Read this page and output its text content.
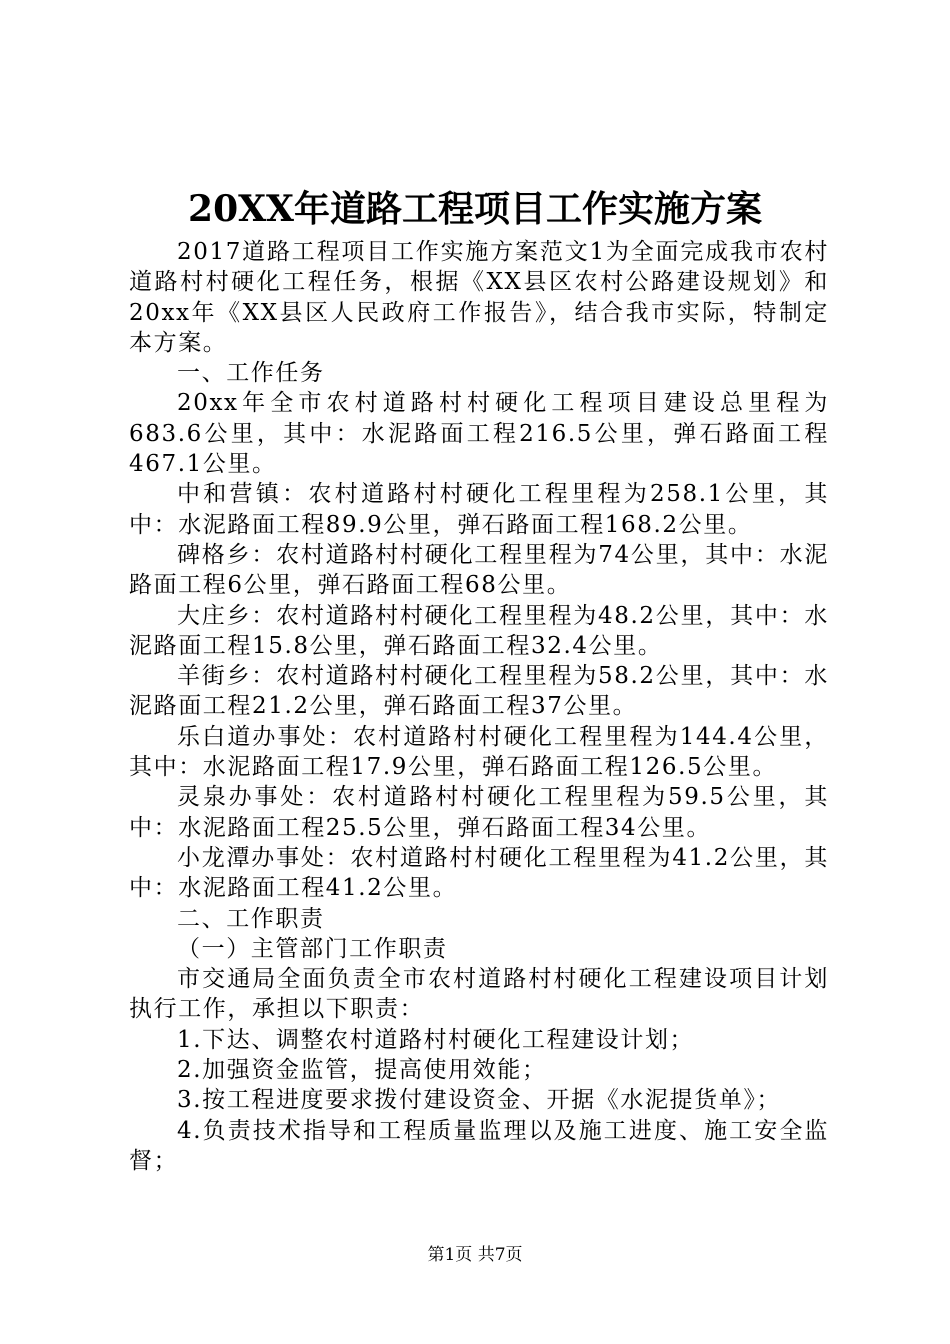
20XX年道路工程项目工作实施方案

2017道路工程项目工作实施方案范文1为全面完成我市农村道路村村硬化工程任务，根据《XX县区农村公路建设规划》和20xx年《XX县区人民政府工作报告》，结合我市实际，特制定本方案。

一、工作任务

20xx年全市农村道路村村硬化工程项目建设总里程为683.6公里，其中：水泥路面工程216.5公里，弹石路面工程467.1公里。

中和营镇：农村道路村村硬化工程里程为258.1公里，其中：水泥路面工程89.9公里，弹石路面工程168.2公里。

碑格乡：农村道路村村硬化工程里程为74公里，其中：水泥路面工程6公里，弹石路面工程68公里。

大庄乡：农村道路村村硬化工程里程为48.2公里，其中：水泥路面工程15.8公里，弹石路面工程32.4公里。

羊街乡：农村道路村村硬化工程里程为58.2公里，其中：水泥路面工程21.2公里，弹石路面工程37公里。

乐白道办事处：农村道路村村硬化工程里程为144.4公里，其中：水泥路面工程17.9公里，弹石路面工程126.5公里。

灵泉办事处：农村道路村村硬化工程里程为59.5公里，其中：水泥路面工程25.5公里，弹石路面工程34公里。

小龙潭办事处：农村道路村村硬化工程里程为41.2公里，其中：水泥路面工程41.2公里。

二、工作职责

（一）主管部门工作职责

市交通局全面负责全市农村道路村村硬化工程建设项目计划执行工作，承担以下职责：

1.下达、调整农村道路村村硬化工程建设计划；

2.加强资金监管，提高使用效能；

3.按工程进度要求拨付建设资金、开据《水泥提货单》；

4.负责技术指导和工程质量监理以及施工进度、施工安全监督；

第1页 共7页
